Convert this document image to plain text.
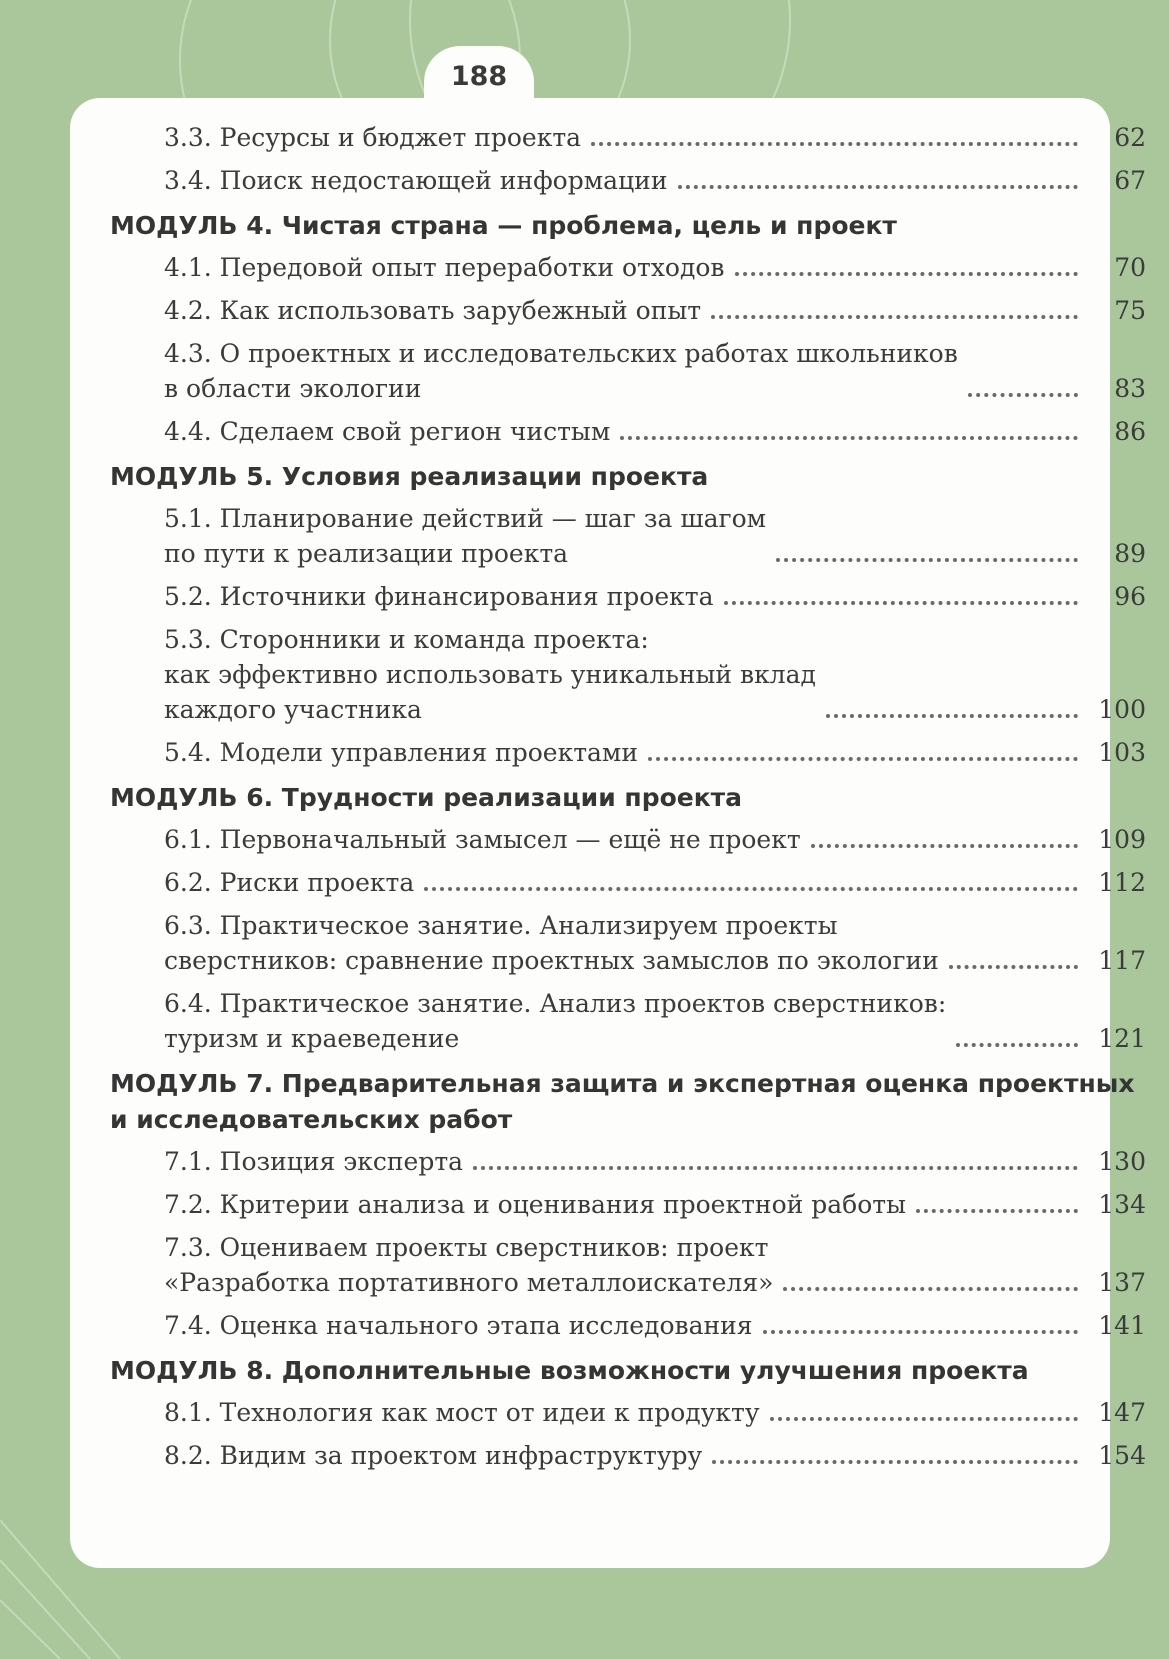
188
3.3. Ресурсы и бюджет проекта	62
3.4. Поиск недостающей информации	67
МОДУЛЬ 4. Чистая страна — проблема, цель и проект
4.1. Передовой опыт переработки отходов	70
4.2. Как использовать зарубежный опыт	75
4.3. О проектных и исследовательских работах школьников
в области экологии	83
4.4. Сделаем свой регион чистым	86
МОДУЛЬ 5. Условия реализации проекта
5.1. Планирование действий — шаг за шагом
по пути к реализации проекта	89
5.2. Источники финансирования проекта	96
5.3. Сторонники и команда проекта:
как эффективно использовать уникальный вклад
каждого участника	100
5.4. Модели управления проектами	103
МОДУЛЬ 6. Трудности реализации проекта
6.1. Первоначальный замысел — ещё не проект	109
6.2. Риски проекта	112
6.3. Практическое занятие. Анализируем проекты
сверстников: сравнение проектных замыслов по экологии	117
6.4. Практическое занятие. Анализ проектов сверстников:
туризм и краеведение	121
МОДУЛЬ 7. Предварительная защита и экспертная оценка проектных и исследовательских работ
7.1. Позиция эксперта	130
7.2. Критерии анализа и оценивания проектной работы	134
7.3. Оцениваем проекты сверстников: проект
«Разработка портативного металлоискателя»	137
7.4. Оценка начального этапа исследования	141
МОДУЛЬ 8. Дополнительные возможности улучшения проекта
8.1. Технология как мост от идеи к продукту	147
8.2. Видим за проектом инфраструктуру	154
